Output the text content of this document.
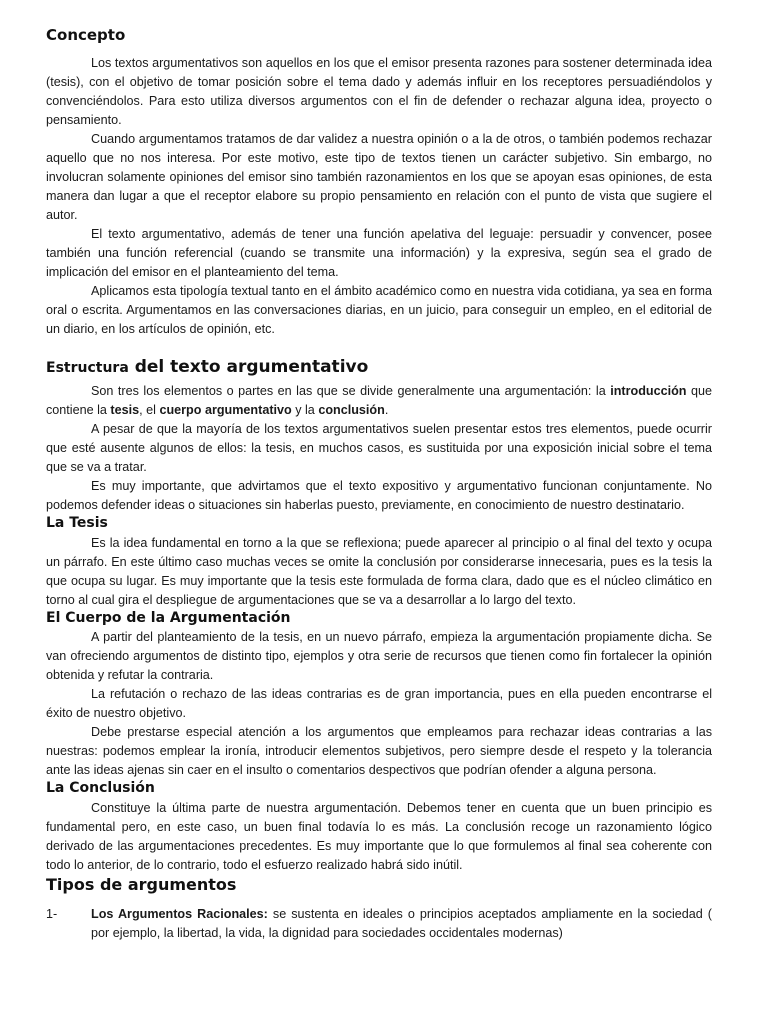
Concepto

Los textos argumentativos son aquellos en los que el emisor presenta razones para sostener determinada idea (tesis), con el objetivo de tomar posición sobre el tema dado y además influir en los receptores persuadiéndolos y convenciéndolos. Para esto utiliza diversos argumentos con el fin de defender o rechazar alguna idea, proyecto o pensamiento.

Cuando argumentamos tratamos de dar validez a nuestra opinión o a la de otros, o también podemos rechazar aquello que no nos interesa. Por este motivo, este tipo de textos tienen un carácter subjetivo. Sin embargo, no involucran solamente opiniones del emisor sino también razonamientos en los que se apoyan esas opiniones, de esta manera dan lugar a que el receptor elabore su propio pensamiento en relación con el punto de vista que sugiere el autor.

El texto argumentativo, además de tener una función apelativa del leguaje: persuadir y convencer, posee también una función referencial (cuando se transmite una información) y la expresiva, según sea el grado de implicación del emisor en el planteamiento del tema.

Aplicamos esta tipología textual tanto en el ámbito académico como en nuestra vida cotidiana, ya sea en forma oral o escrita. Argumentamos en las conversaciones diarias, en un juicio, para conseguir un empleo, en el editorial de un diario, en los artículos de opinión, etc.

Estructura del texto argumentativo

Son tres los elementos o partes en las que se divide generalmente una argumentación: la introducción que contiene la tesis, el cuerpo argumentativo y la conclusión.

A pesar de que la mayoría de los textos argumentativos suelen presentar estos tres elementos, puede ocurrir que esté ausente algunos de ellos: la tesis, en muchos casos, es sustituida por una exposición inicial sobre el tema que se va a tratar.

Es muy importante, que advirtamos que el texto expositivo y argumentativo funcionan conjuntamente. No podemos defender ideas o situaciones sin haberlas puesto, previamente, en conocimiento de nuestro destinatario.

La Tesis

Es la idea fundamental en torno a la que se reflexiona; puede aparecer al principio o al final del texto y ocupa un párrafo. En este último caso muchas veces se omite la conclusión por considerarse innecesaria, pues es la tesis la que ocupa su lugar. Es muy importante que la tesis este formulada de forma clara, dado que es el núcleo climático en torno al cual gira el despliegue de argumentaciones que se va a desarrollar a lo largo del texto.

El Cuerpo de la Argumentación

A partir del planteamiento de la tesis, en un nuevo párrafo, empieza la argumentación propiamente dicha. Se van ofreciendo argumentos de distinto tipo, ejemplos y otra serie de recursos que tienen como fin fortalecer la opinión obtenida y refutar la contraria.

La refutación o rechazo de las ideas contrarias es de gran importancia, pues en ella pueden encontrarse el éxito de nuestro objetivo.

Debe prestarse especial atención a los argumentos que empleamos para rechazar ideas contrarias a las nuestras: podemos emplear la ironía, introducir elementos subjetivos, pero siempre desde el respeto y la tolerancia ante las ideas ajenas sin caer en el insulto o comentarios despectivos que podrían ofender a alguna persona.

La Conclusión

Constituye la última parte de nuestra argumentación. Debemos tener en cuenta que un buen principio es fundamental pero, en este caso, un buen final todavía lo es más. La conclusión recoge un razonamiento lógico derivado de las argumentaciones precedentes. Es muy importante que lo que formulemos al final sea coherente con todo lo anterior, de lo contrario, todo el esfuerzo realizado habrá sido inútil.

Tipos de argumentos
1-	Los Argumentos Racionales: se sustenta en ideales o principios aceptados ampliamente en la sociedad ( por ejemplo, la libertad, la vida, la dignidad para sociedades occidentales modernas)
